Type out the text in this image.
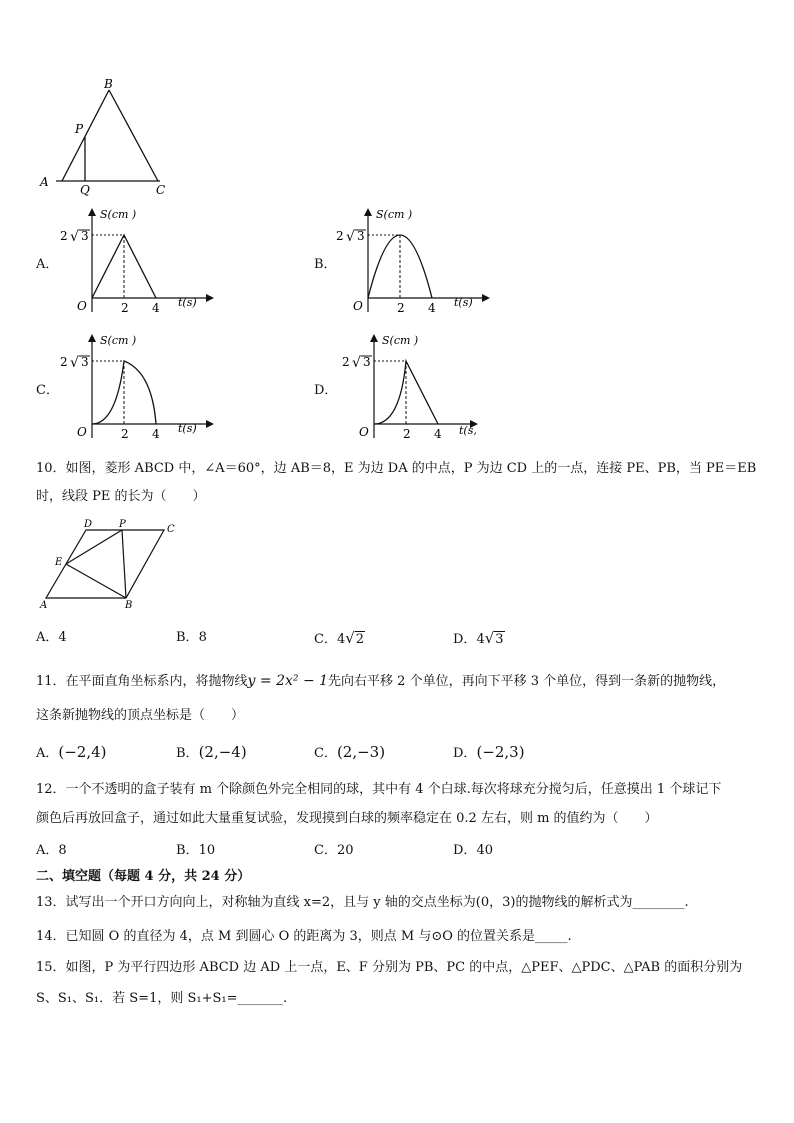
B
P
A
Q	C
A．
S(cm )
2 √ 3
O	2 4 t(s)
B．
S(cm )
2 √ 3
O	2 4 t(s)
C．
S(cm )
2 √ 3
O	2 4 t(s)
D．
S(cm )
2 √ 3
O	2 4 t(s,
10．如图，菱形 ABCD 中，∠A＝60°，边 AB＝8，E 为边 DA 的中点，P 为边 CD 上的一点，连接 PE、PB，当 PE＝EB
时，线段 PE 的长为（　　）
D	P	C
E
A	B
A．4	B．8	C．4√2	D．4√3
11．在平面直角坐标系内，将抛物线y = 2x² − 1先向右平移 2 个单位，再向下平移 3 个单位，得到一条新的抛物线，
这条新抛物线的顶点坐标是（　　）
A．(−2,4)	B．(2,−4)	C．(2,−3)	D．(−2,3)
12．一个不透明的盒子装有 m 个除颜色外完全相同的球，其中有 4 个白球.每次将球充分搅匀后，任意摸出 1 个球记下
颜色后再放回盒子，通过如此大量重复试验，发现摸到白球的频率稳定在 0.2 左右，则 m 的值约为（　　）
A．8	B．10	C．20	D．40
二、填空题（每题 4 分，共 24 分）
13．试写出一个开口方向向上，对称轴为直线 x=2，且与 y 轴的交点坐标为(0，3)的抛物线的解析式为________.
14．已知圆 O 的直径为 4，点 M 到圆心 O 的距离为 3，则点 M 与⊙O 的位置关系是_____.
15．如图，P 为平行四边形 ABCD 边 AD 上一点，E、F 分别为 PB、PC 的中点，△PEF、△PDC、△PAB 的面积分别为
S、S₁、S₁．若 S=1，则 S₁+S₁=_______.
